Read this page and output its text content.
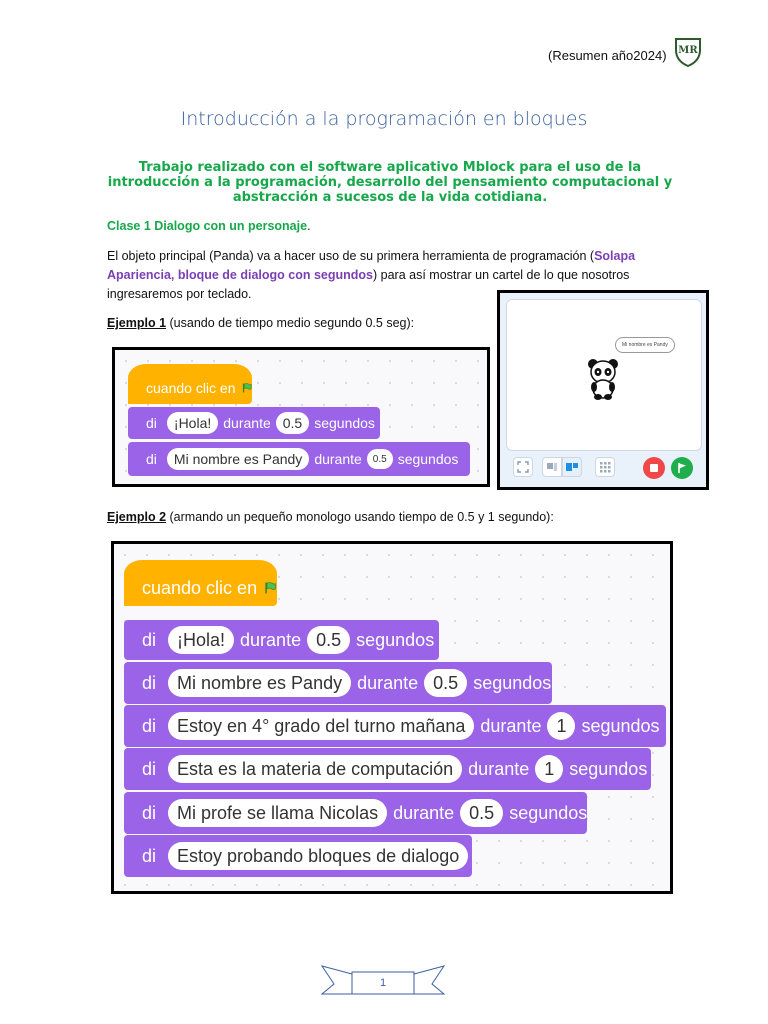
(Resumen año2024) MR
Introducción a la programación en bloques
Trabajo realizado con el software aplicativo Mblock para el uso de la introducción a la programación, desarrollo del pensamiento computacional y abstracción a sucesos de la vida cotidiana.
Clase 1 Dialogo con un personaje.
El objeto principal (Panda) va a hacer uso de su primera herramienta de programación (Solapa Apariencia, bloque de dialogo con segundos) para así mostrar un cartel de lo que nosotros ingresaremos por teclado.
Ejemplo 1 (usando de tiempo medio segundo 0.5 seg):
cuando clic en
di	¡Hola! durante 0.5 segundos
di	Mi nombre es Pandy durante	0.5 segundos
Mi nombre es Pandy
Ejemplo 2 (armando un pequeño monologo usando tiempo de 0.5 y 1 segundo):
cuando clic en
di	¡Hola! durante 0.5 segundos
di	Mi nombre es Pandy durante 0.5 segundos
di	Estoy en 4° grado del turno mañana durante 1 segundos
di	Esta es la materia de computación durante 1 segundos
di	Mi profe se llama Nicolas durante 0.5 segundos
di	Estoy probando bloques de dialogo
1
